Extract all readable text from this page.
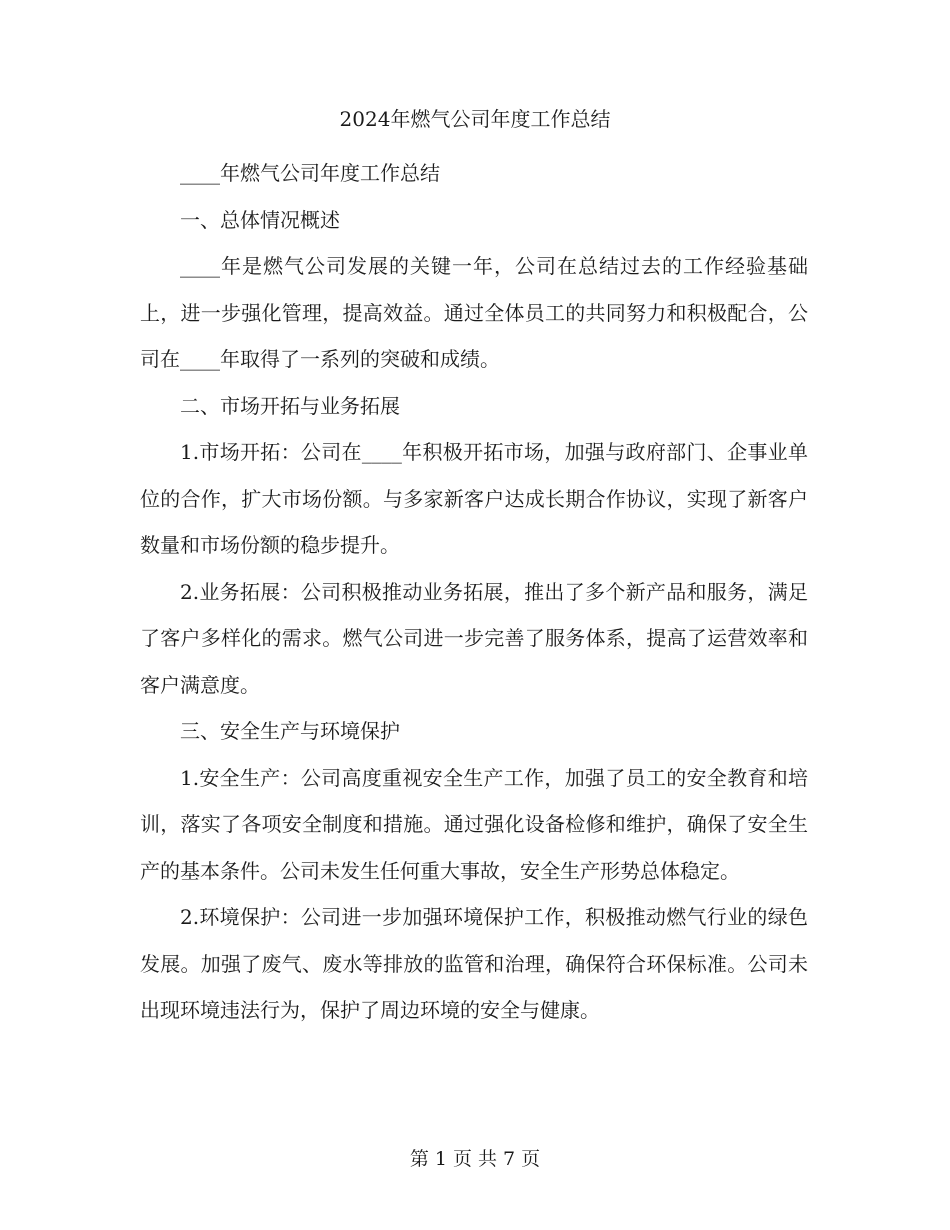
2024年燃气公司年度工作总结

____年燃气公司年度工作总结

一、总体情况概述

____年是燃气公司发展的关键一年，公司在总结过去的工作经验基础上，进一步强化管理，提高效益。通过全体员工的共同努力和积极配合，公司在____年取得了一系列的突破和成绩。

二、市场开拓与业务拓展

1.市场开拓：公司在____年积极开拓市场，加强与政府部门、企事业单位的合作，扩大市场份额。与多家新客户达成长期合作协议，实现了新客户数量和市场份额的稳步提升。

2.业务拓展：公司积极推动业务拓展，推出了多个新产品和服务，满足了客户多样化的需求。燃气公司进一步完善了服务体系，提高了运营效率和客户满意度。

三、安全生产与环境保护

1.安全生产：公司高度重视安全生产工作，加强了员工的安全教育和培训，落实了各项安全制度和措施。通过强化设备检修和维护，确保了安全生产的基本条件。公司未发生任何重大事故，安全生产形势总体稳定。

2.环境保护：公司进一步加强环境保护工作，积极推动燃气行业的绿色发展。加强了废气、废水等排放的监管和治理，确保符合环保标准。公司未出现环境违法行为，保护了周边环境的安全与健康。

第 1 页 共 7 页
